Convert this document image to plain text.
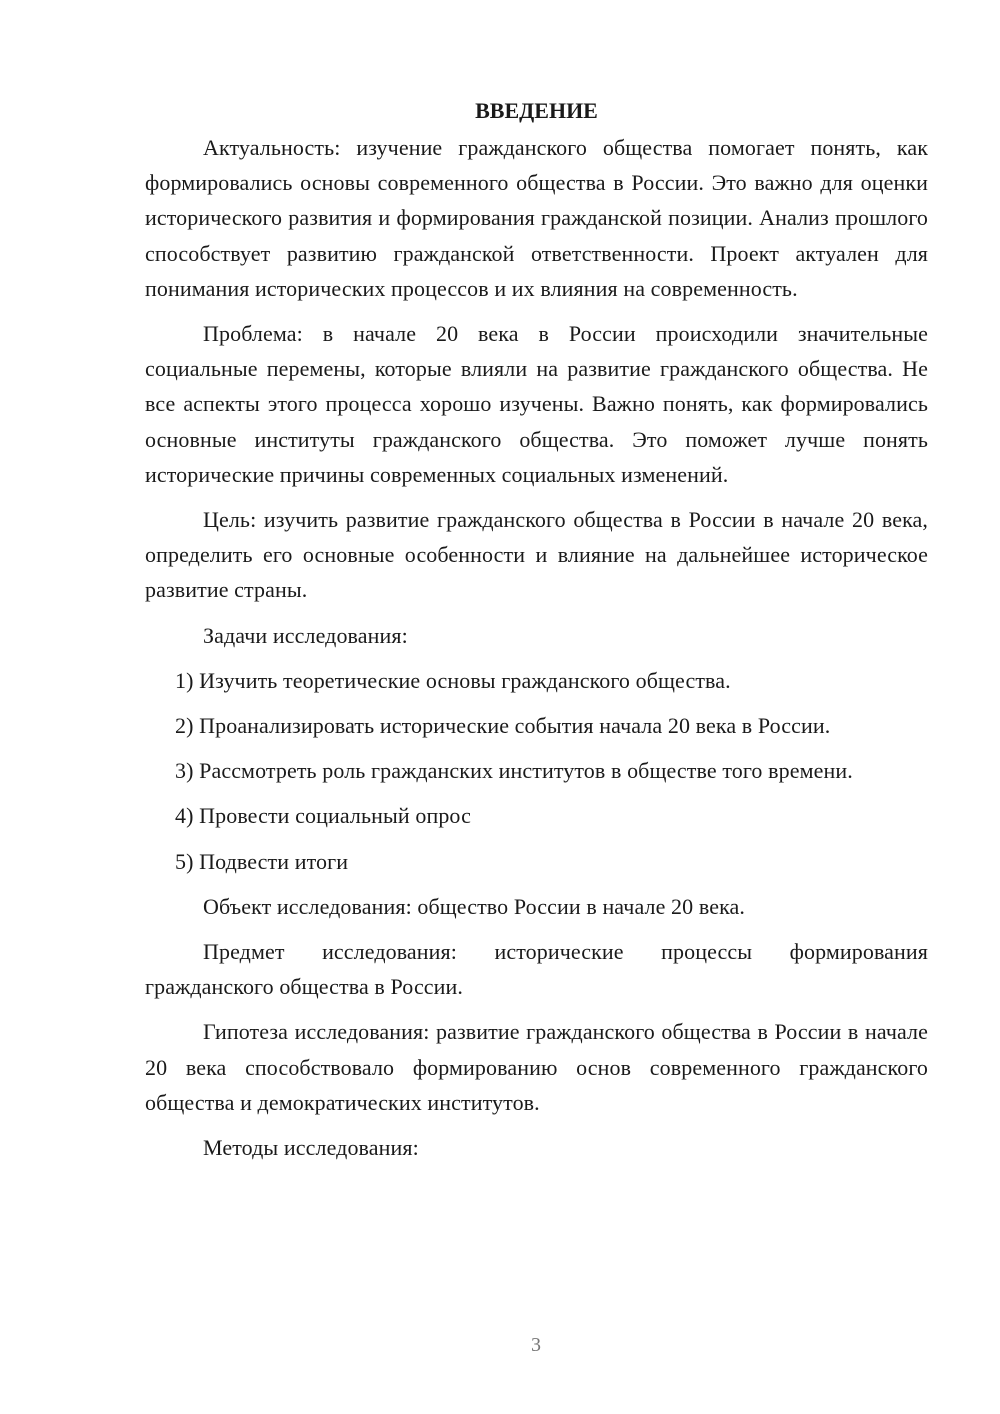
ВВЕДЕНИЕ

Актуальность: изучение гражданского общества помогает понять, как формировались основы современного общества в России. Это важно для оценки исторического развития и формирования гражданской позиции. Анализ прошлого способствует развитию гражданской ответственности. Проект актуален для понимания исторических процессов и их влияния на современность.

Проблема: в начале 20 века в России происходили значительные социальные перемены, которые влияли на развитие гражданского общества. Не все аспекты этого процесса хорошо изучены. Важно понять, как формировались основные институты гражданского общества. Это поможет лучше понять исторические причины современных социальных изменений.

Цель: изучить развитие гражданского общества в России в начале 20 века, определить его основные особенности и влияние на дальнейшее историческое развитие страны.

Задачи исследования:

1) Изучить теоретические основы гражданского общества.

2) Проанализировать исторические события начала 20 века в России.

3) Рассмотреть роль гражданских институтов в обществе того времени.

4) Провести социальный опрос

5) Подвести итоги

Объект исследования: общество России в начале 20 века.

Предмет исследования: исторические процессы формирования гражданского общества в России.

Гипотеза исследования: развитие гражданского общества в России в начале 20 века способствовало формированию основ современного гражданского общества и демократических институтов.

Методы исследования:

3
